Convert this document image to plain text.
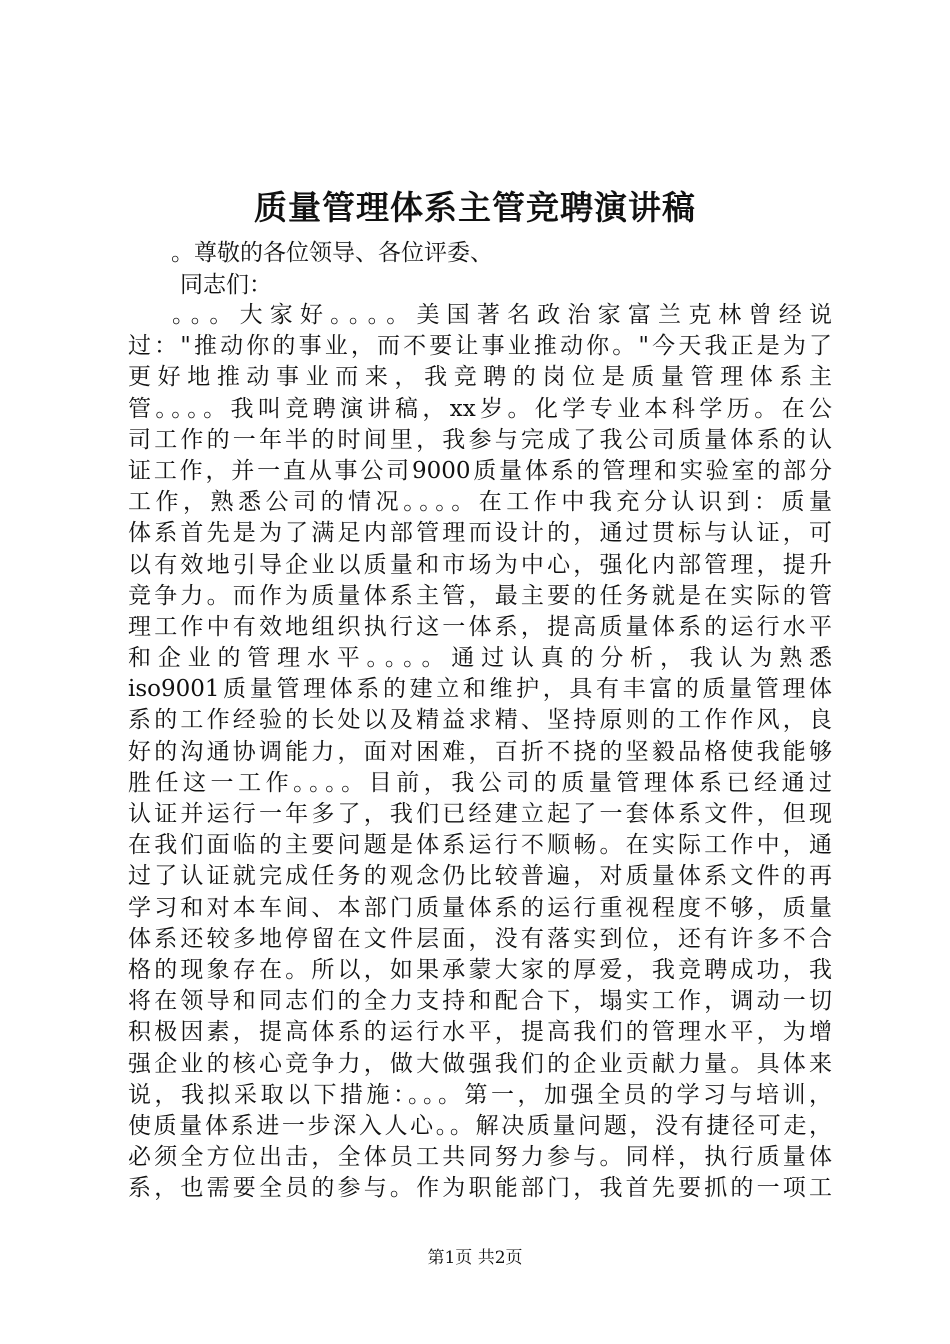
质量管理体系主管竞聘演讲稿
。尊敬的各位领导、各位评委、
同志们：
。。。大家好。。。。美国著名政治家富兰克林曾经说
过："推动你的事业，而不要让事业推动你。"今天我正是为了
更好地推动事业而来，我竞聘的岗位是质量管理体系主
管。。。。我叫竞聘演讲稿，xx岁。化学专业本科学历。在公
司工作的一年半的时间里，我参与完成了我公司质量体系的认
证工作，并一直从事公司9000质量体系的管理和实验室的部分
工作，熟悉公司的情况。。。。在工作中我充分认识到：质量
体系首先是为了满足内部管理而设计的，通过贯标与认证，可
以有效地引导企业以质量和市场为中心，强化内部管理，提升
竞争力。而作为质量体系主管，最主要的任务就是在实际的管
理工作中有效地组织执行这一体系，提高质量体系的运行水平
和企业的管理水平。。。。通过认真的分析，我认为熟悉
iso9001质量管理体系的建立和维护，具有丰富的质量管理体
系的工作经验的长处以及精益求精、坚持原则的工作作风，良
好的沟通协调能力，面对困难，百折不挠的坚毅品格使我能够
胜任这一工作。。。。目前，我公司的质量管理体系已经通过
认证并运行一年多了，我们已经建立起了一套体系文件，但现
在我们面临的主要问题是体系运行不顺畅。在实际工作中，通
过了认证就完成任务的观念仍比较普遍，对质量体系文件的再
学习和对本车间、本部门质量体系的运行重视程度不够，质量
体系还较多地停留在文件层面，没有落实到位，还有许多不合
格的现象存在。所以，如果承蒙大家的厚爱，我竞聘成功，我
将在领导和同志们的全力支持和配合下，塌实工作，调动一切
积极因素，提高体系的运行水平，提高我们的管理水平，为增
强企业的核心竞争力，做大做强我们的企业贡献力量。具体来
说，我拟采取以下措施：。。。第一，加强全员的学习与培训，
使质量体系进一步深入人心。。解决质量问题，没有捷径可走，
必须全方位出击，全体员工共同努力参与。同样，执行质量体
系，也需要全员的参与。作为职能部门，我首先要抓的一项工
第1页 共2页
